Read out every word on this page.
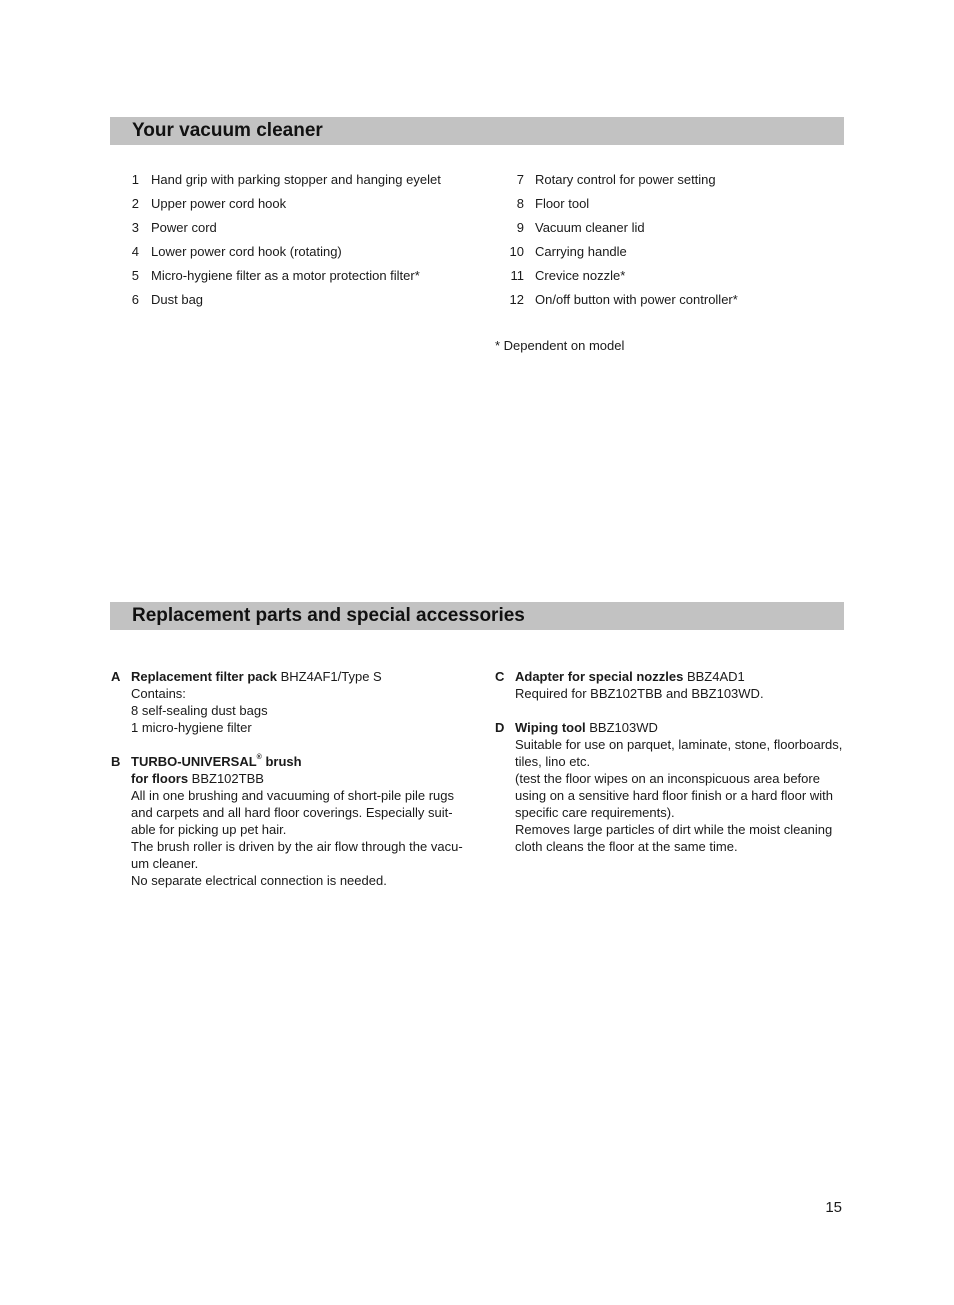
Your vacuum cleaner
1 Hand grip with parking stopper and hanging eyelet
2 Upper power cord hook
3 Power cord
4 Lower power cord hook (rotating)
5 Micro-hygiene filter as a motor protection filter*
6 Dust bag
7 Rotary control for power setting
8 Floor tool
9 Vacuum cleaner lid
10 Carrying handle
11 Crevice nozzle*
12 On/off button with power controller*
* Dependent on model
Replacement parts and special accessories
A Replacement filter pack BHZ4AF1/Type S
Contains:
8 self-sealing dust bags
1 micro-hygiene filter
B TURBO-UNIVERSAL® brush
for floors BBZ102TBB
All in one brushing and vacuuming of short-pile pile rugs
and carpets and all hard floor coverings. Especially suit-
able for picking up pet hair.
The brush roller is driven by the air flow through the vacu-
um cleaner.
No separate electrical connection is needed.
C Adapter for special nozzles BBZ4AD1
Required for BBZ102TBB and BBZ103WD.
D Wiping tool BBZ103WD
Suitable for use on parquet, laminate, stone, floorboards,
tiles, lino etc.
(test the floor wipes on an inconspicuous area before
using on a sensitive hard floor finish or a hard floor with
specific care requirements).
Removes large particles of dirt while the moist cleaning
cloth cleans the floor at the same time.
15
